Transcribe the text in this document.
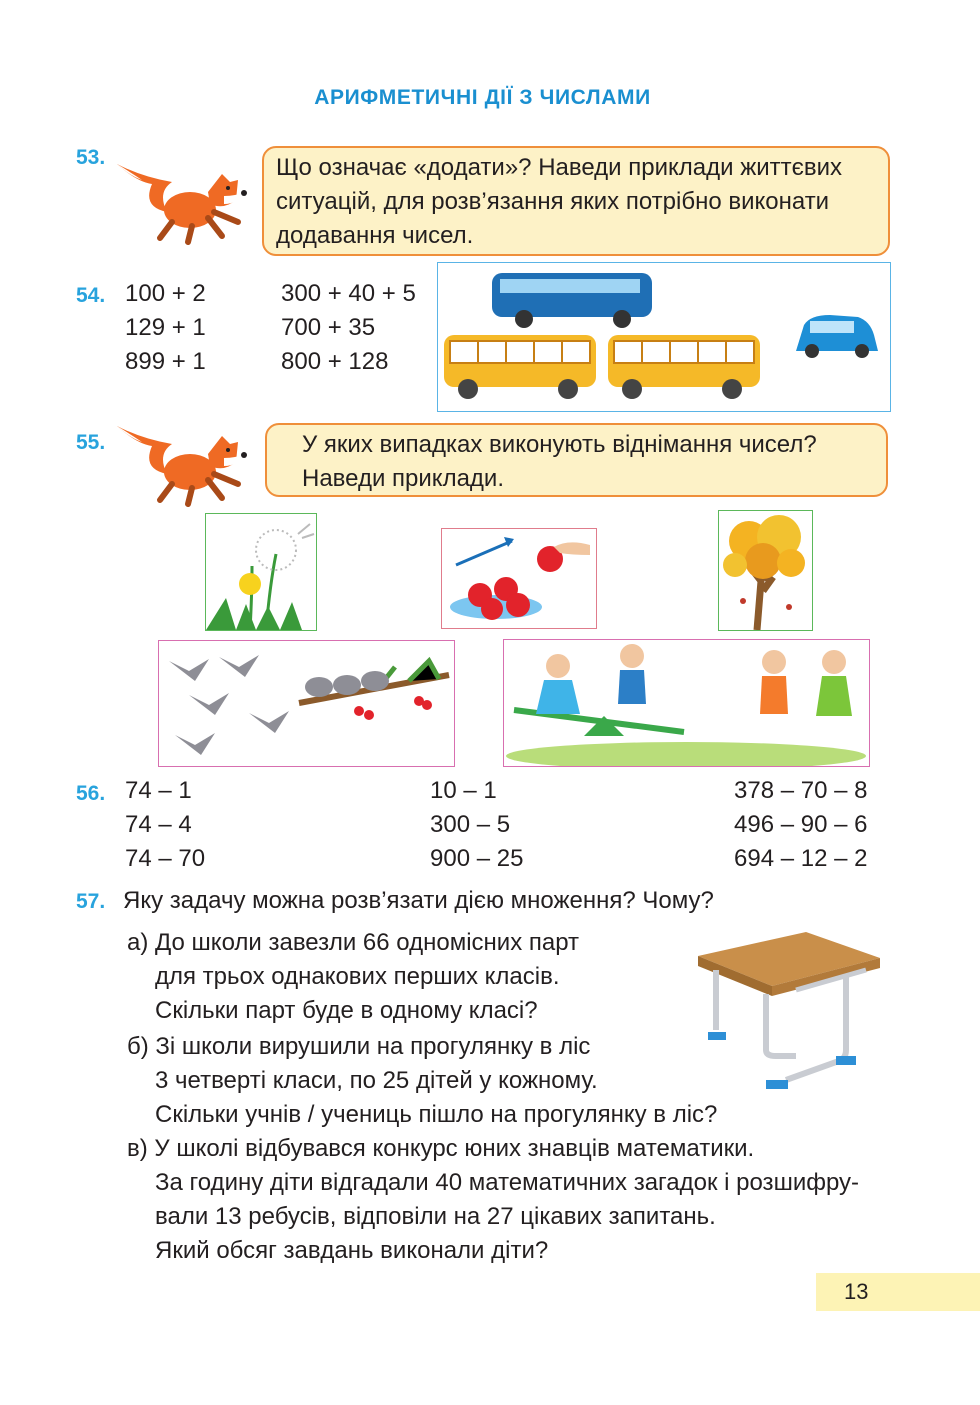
АРИФМЕТИЧНІ ДІЇ З ЧИСЛАМИ
53.	Що означає «додати»? Наведи приклади життєвих

ситуацій, для розв’язання яких потрібно виконати

додавання чисел.

54. 100 + 2
129 + 1
899 + 1
300 + 40 + 5
700 + 35
800 + 128
55.	У яких випадках виконують віднімання чисел?

Наведи приклади.

56. 74 – 1
74 – 4
74 – 70
10 – 1
300 – 5
900 – 25
378 – 70 – 8
496 – 90 – 6
694 – 12 – 2
57. Яку задачу можна розв’язати дією множення? Чому?
а) До школи завезли 66 одномісних парт
для трьох однакових перших класів.
Скільки парт буде в одному класі?
б) Зі школи вирушили на прогулянку в ліс
3 четверті класи, по 25 дітей у кожному.
Скільки учнів / учениць пішло на прогулянку в ліс?
в) У школі відбувався конкурс юних знавців математики.
За годину діти відгадали 40 математичних загадок і розшифру-
вали 13 ребусів, відповіли на 27 цікавих запитань.
Який обсяг завдань виконали діти?
13
